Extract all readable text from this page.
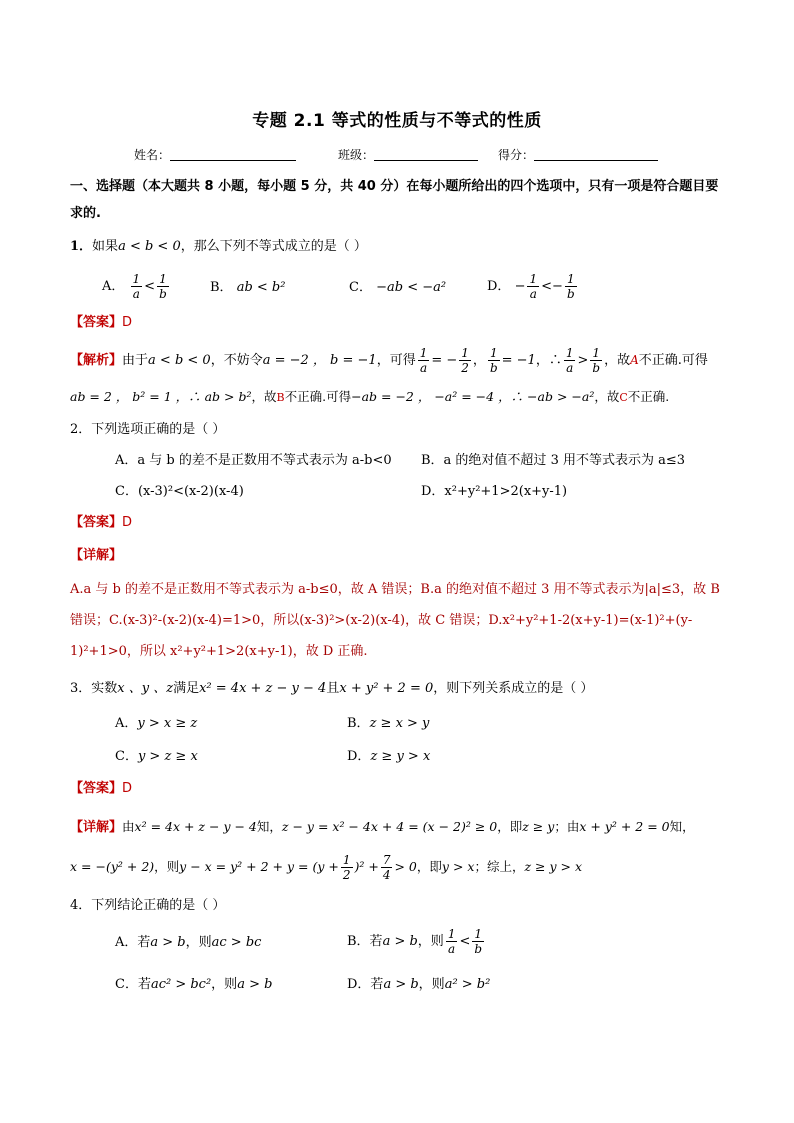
专题 2.1 等式的性质与不等式的性质
姓名：	班级：	得分：
一、选择题（本大题共 8 小题，每小题 5 分，共 40 分）在每小题所给出的四个选项中，只有一项是符合题目要求的.
1．如果a < b < 0，那么下列不等式成立的是（ ）
A． $\frac{1}{a} < \frac{1}{b}$	B． ab < b²	C． −ab < −a²	D． − $\frac{1}{a} <- \frac{1}{b}$
【答案】D
【解析】由于a < b < 0，不妨令a = −2 ， b = −1，可得 $\frac{1}{a}$ = − $\frac{1}{2}$ ， $\frac{1}{b} = -1$，∴ $\frac{1}{a} > \frac{1}{b}$ ，故A不正确.可得
ab = 2 ， b² = 1 ，∴ ab > b²，故B不正确.可得−ab = −2 ， −a² = −4 ，∴ −ab > −a²，故C不正确.
2．下列选项正确的是（ ）
A．a 与 b 的差不是正数用不等式表示为 a-b<0 B．a 的绝对值不超过 3 用不等式表示为 a≤3
C．(x-3)²<(x-2)(x-4)	D．x²+y²+1>2(x+y-1)
【答案】D
【详解】
A.a 与 b 的差不是正数用不等式表示为 a-b≤0，故 A 错误；B.a 的绝对值不超过 3 用不等式表示为|a|≤3，故 B 错误；C.(x-3)²-(x-2)(x-4)=1>0，所以(x-3)²>(x-2)(x-4)，故 C 错误；D.x²+y²+1-2(x+y-1)=(x-1)²+(y-1)²+1>0，所以 x²+y²+1>2(x+y-1)，故 D 正确.
3．实数x 、y 、z满足x² = 4x + z − y − 4且x + y² + 2 = 0，则下列关系成立的是（ ）
A．y > x ≥ z	B．z ≥ x > y
C．y > z ≥ x	D．z ≥ y > x
【答案】D
【详解】由x² = 4x + z − y − 4知，z − y = x² − 4x + 4 = (x − 2)² ≥ 0，即z ≥ y；由x + y² + 2 = 0知，
x = −(y² + 2)，则$y - x = y^2 + 2 + y = (y + \frac{1}{2} )^2 + \frac{7}{4} > 0$，即y > x；综上，z ≥ y > x
4．下列结论正确的是（ ）
A．若a > b，则ac > bc	B．若a > b，则 $\frac{1}{a} < \frac{1}{b}$
C．若ac² > bc²，则a > b	D．若a > b，则a² > b²
